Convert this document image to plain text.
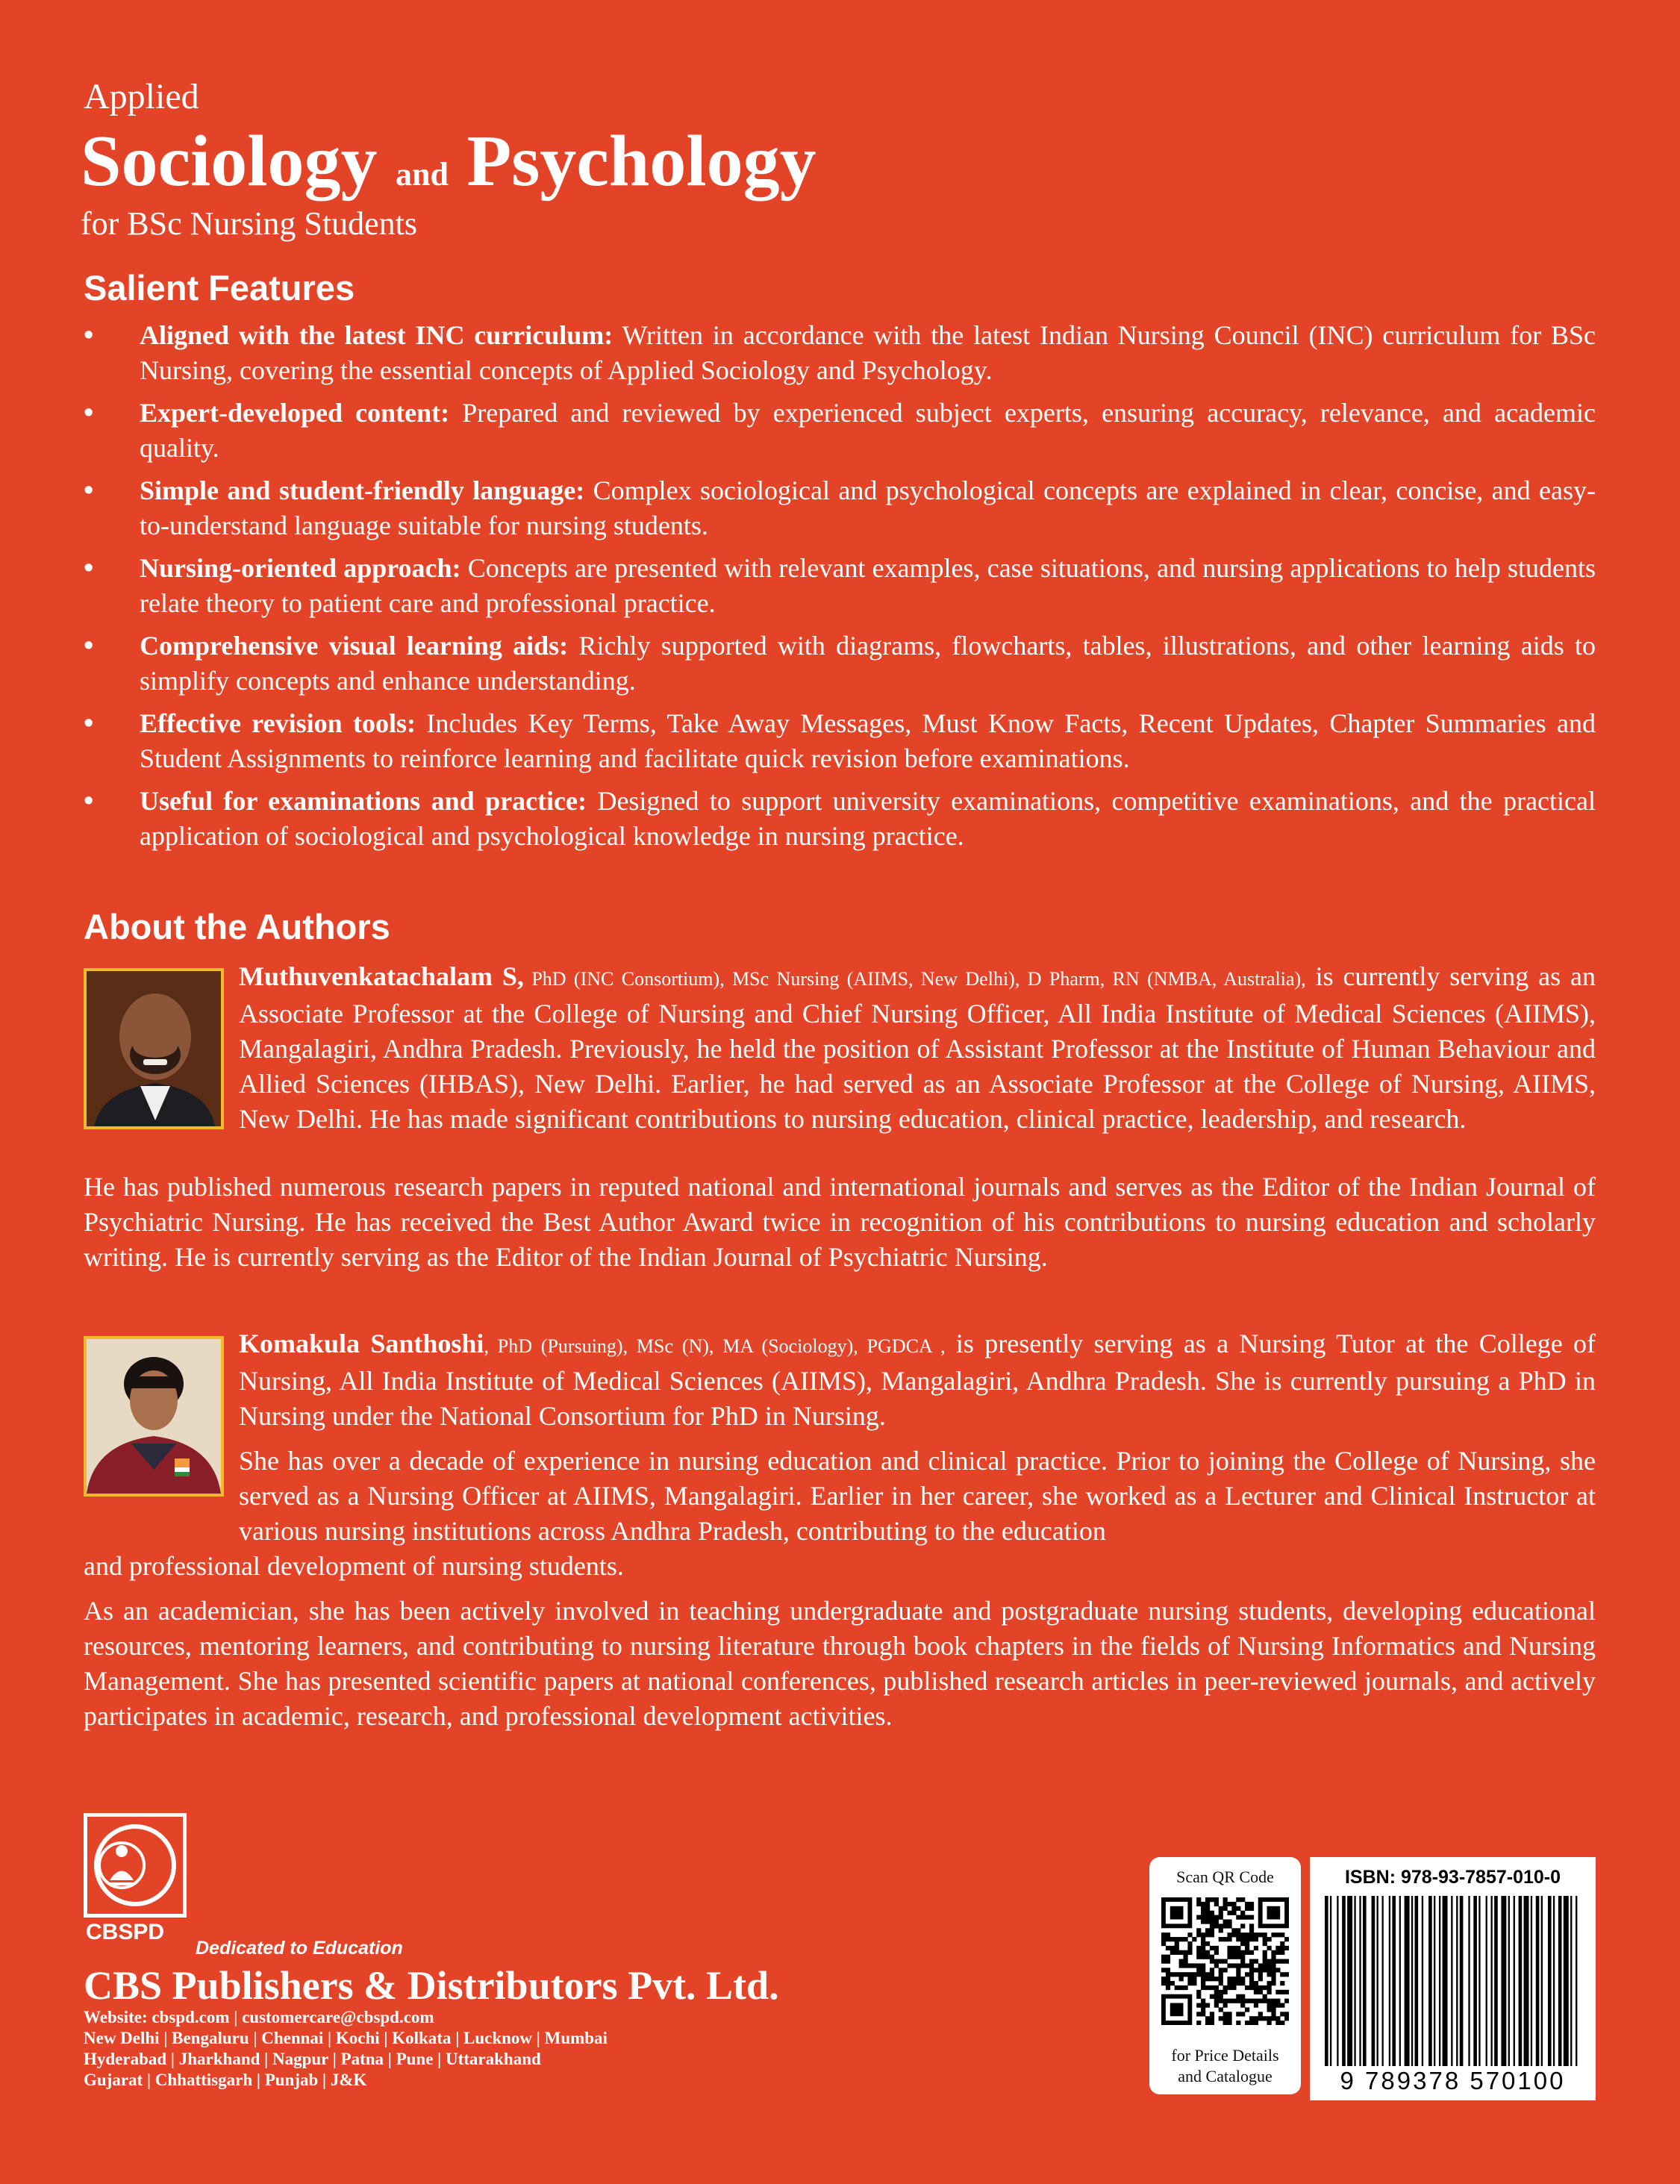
Applied
Sociology and Psychology
for BSc Nursing Students
Salient Features
• Aligned with the latest INC curriculum: Written in accordance with the latest Indian Nursing Council (INC) curriculum for BSc Nursing, covering the essential concepts of Applied Sociology and Psychology.
• Expert-developed content: Prepared and reviewed by experienced subject experts, ensuring accuracy, relevance, and academic quality.
• Simple and student-friendly language: Complex sociological and psychological concepts are explained in clear, concise, and easy-to-understand language suitable for nursing students.
• Nursing-oriented approach: Concepts are presented with relevant examples, case situations, and nursing applications to help students relate theory to patient care and professional practice.
• Comprehensive visual learning aids: Richly supported with diagrams, flowcharts, tables, illustrations, and other learning aids to simplify concepts and enhance understanding.
• Effective revision tools: Includes Key Terms, Take Away Messages, Must Know Facts, Recent Updates, Chapter Summaries and Student Assignments to reinforce learning and facilitate quick revision before examinations.
• Useful for examinations and practice: Designed to support university examinations, competitive examinations, and the practical application of sociological and psychological knowledge in nursing practice.
About the Authors
Muthuvenkatachalam S, PhD (INC Consortium), MSc Nursing (AIIMS, New Delhi), D Pharm, RN (NMBA, Australia), is currently serving as an Associate Professor at the College of Nursing and Chief Nursing Officer, All India Institute of Medical Sciences (AIIMS), Mangalagiri, Andhra Pradesh. Previously, he held the position of Assistant Professor at the Institute of Human Behaviour and Allied Sciences (IHBAS), New Delhi. Earlier, he had served as an Associate Professor at the College of Nursing, AIIMS, New Delhi. He has made significant contributions to nursing education, clinical practice, leadership, and research.
He has published numerous research papers in reputed national and international journals and serves as the Editor of the Indian Journal of Psychiatric Nursing. He has received the Best Author Award twice in recognition of his contributions to nursing education and scholarly writing. He is currently serving as the Editor of the Indian Journal of Psychiatric Nursing.
Komakula Santhoshi, PhD (Pursuing), MSc (N), MA (Sociology), PGDCA , is presently serving as a Nursing Tutor at the College of Nursing, All India Institute of Medical Sciences (AIIMS), Mangalagiri, Andhra Pradesh. She is currently pursuing a PhD in Nursing under the National Consortium for PhD in Nursing.
She has over a decade of experience in nursing education and clinical practice. Prior to joining the College of Nursing, she served as a Nursing Officer at AIIMS, Mangalagiri. Earlier in her career, she worked as a Lecturer and Clinical Instructor at various nursing institutions across Andhra Pradesh, contributing to the education
and professional development of nursing students.
As an academician, she has been actively involved in teaching undergraduate and postgraduate nursing students, developing educational resources, mentoring learners, and contributing to nursing literature through book chapters in the fields of Nursing Informatics and Nursing Management. She has presented scientific papers at national conferences, published research articles in peer-reviewed journals, and actively participates in academic, research, and professional development activities.
CBSPD
Dedicated to Education
CBS Publishers & Distributors Pvt. Ltd.
Website: cbspd.com | customercare@cbspd.com
New Delhi | Bengaluru | Chennai | Kochi | Kolkata | Lucknow | Mumbai
Hyderabad | Jharkhand | Nagpur | Patna | Pune | Uttarakhand
Gujarat | Chhattisgarh | Punjab | J&K
Scan QR Code
for Price Details
and Catalogue
ISBN: 978-93-7857-010-0
9 789378 570100
